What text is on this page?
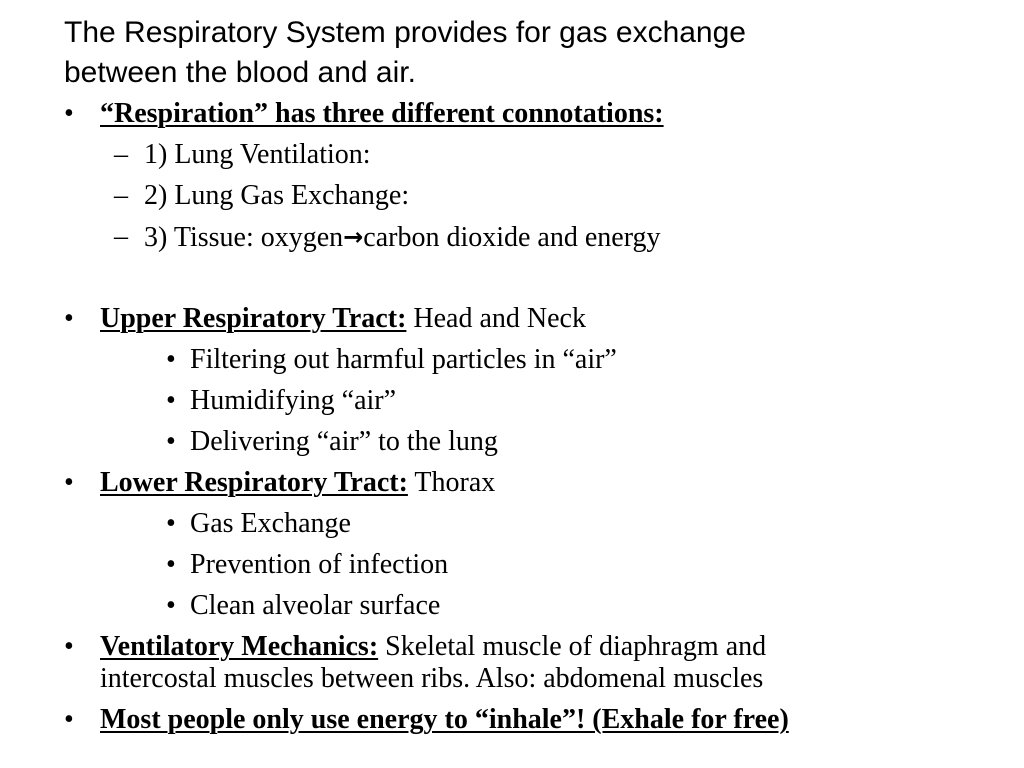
The Respiratory System provides for gas exchange
between the blood and air.
• “Respiration” has three different connotations:
– 1) Lung Ventilation:
– 2) Lung Gas Exchange:
– 3) Tissue: oxygen→carbon dioxide and energy
• Upper Respiratory Tract: Head and Neck
• Filtering out harmful particles in “air”
• Humidifying “air”
• Delivering “air” to the lung
• Lower Respiratory Tract: Thorax
• Gas Exchange
• Prevention of infection
• Clean alveolar surface
• Ventilatory Mechanics: Skeletal muscle of diaphragm and
intercostal muscles between ribs. Also: abdomenal muscles
• Most people only use energy to “inhale”! (Exhale for free)
